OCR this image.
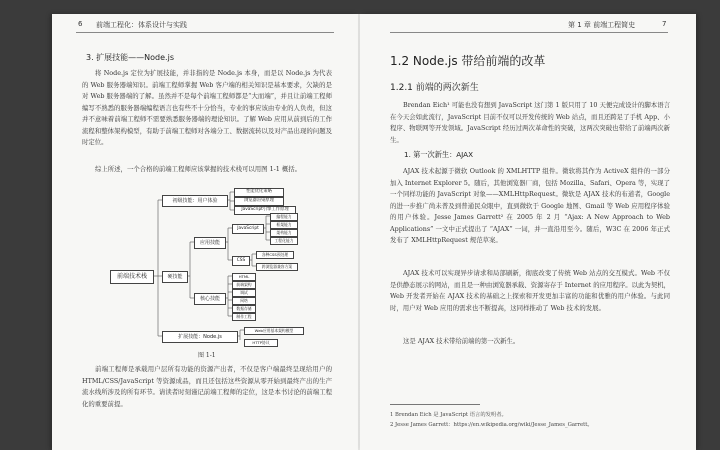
6 前端工程化：体系设计与实践
3. 扩展技能——Node.js

将 Node.js 定位为扩展技能，并非指的是 Node.js 本身，而是以 Node.js 为代表的 Web 服务器端知识。前端工程师掌握 Web 客户端的相关知识是基本要求，欠缺的是对 Web 服务器端的了解。虽然并不是每个前端工程师都是“大而端”，并且让前端工程师编写不熟悉的服务器端编程语言也有些不十分恰当，专业的事应该由专业的人负责，但这并不意味着前端工程师不需要熟悉服务器端的理论知识。了解 Web 应用从前到后的工作流程和整体架构模型，有助于前端工程师对各端分工、数据流转以及对产品出现的问题及时定位。

综上所述，一个合格的前端工程师应该掌握的技术栈可以用图 1-1 概括。

前端技术栈
初级技能：用户体验
性能优化策略
浏览器渲染原理
JavaScript引擎工作原理
硬技能
应用技能
JavaScript
编程能力
框架能力
架构能力
工程化能力
CSS
各种CSS预处理
跨浏览器兼容方案
核心技能
HTML
前端架构
调试
网络
数据存储
制作工程
扩展技能：Node.js
Web应用基本架构模型
HTTP协议
图 1-1

前端工程师是承载用户层所有功能的资源产出者，不仅是客户端最终呈现给用户的 HTML/CSS/JavaScript 等资源成品，而且还包括这些资源从零开始到最终产出的生产流水线所涉及的所有环节。请读者时刻谨记前端工程师的定位，这是本书讨论的前端工程化的重要前提。

第 1 章 前端工程简史	7
1.2 Node.js 带给前端的改革
1.2.1 前端的两次新生

Brendan Eich¹ 可能也没有想到 JavaScript 这门第 1 版只用了 10 天便完成设计的脚本语言在今天会如此流行，JavaScript 目前不仅可以开发传统的 Web 站点，而且还跨足了手机 App、小程序、物联网等开发领域。JavaScript 经历过两次革命性的突破，这两次突破也带给了前端两次新生。

1. 第一次新生：AJAX

AJAX 技术起源于微软 Outlook 的 XMLHTTP 组件。微软将其作为 ActiveX 组件的一部分加入 Internet Explorer 5。随后，其他浏览器厂商，包括 Mozilla、Safari、Opera 等，实现了一个同样功能的 JavaScript 对象——XMLHttpRequest。微软是 AJAX 技术的布道者，Google 的进一步推广尚未普及到普通民众眼中，直到微软于 Google 地图、Gmail 等 Web 应用程序体验的用户体验。Jesse James Garrett² 在 2005 年 2 月 “Ajax: A New Approach to Web Applications” 一文中正式提出了 “AJAX” 一词，并一直沿用至今。随后，W3C 在 2006 年正式发布了 XMLHttpRequest 规范草案。

AJAX 技术可以实现异步请求和局部刷新，彻底改变了传统 Web 站点的交互模式。Web 不仅是供静态展示的网站，而且是一种由浏览器承载、资源寄存于 Internet 的应用程序。以此为契机，Web 开发者开始在 AJAX 技术的基础之上探索和开发更加丰富的功能和优雅的用户体验。与此同时，用户对 Web 应用的需求也不断提高，这同样推动了 Web 技术的发展。

这是 AJAX 技术带给前端的第一次新生。

1 Brendan Eich 是 JavaScript 语言的发明者。
2 Jesse James Garrett：https://en.wikipedia.org/wiki/Jesse_James_Garrett。
